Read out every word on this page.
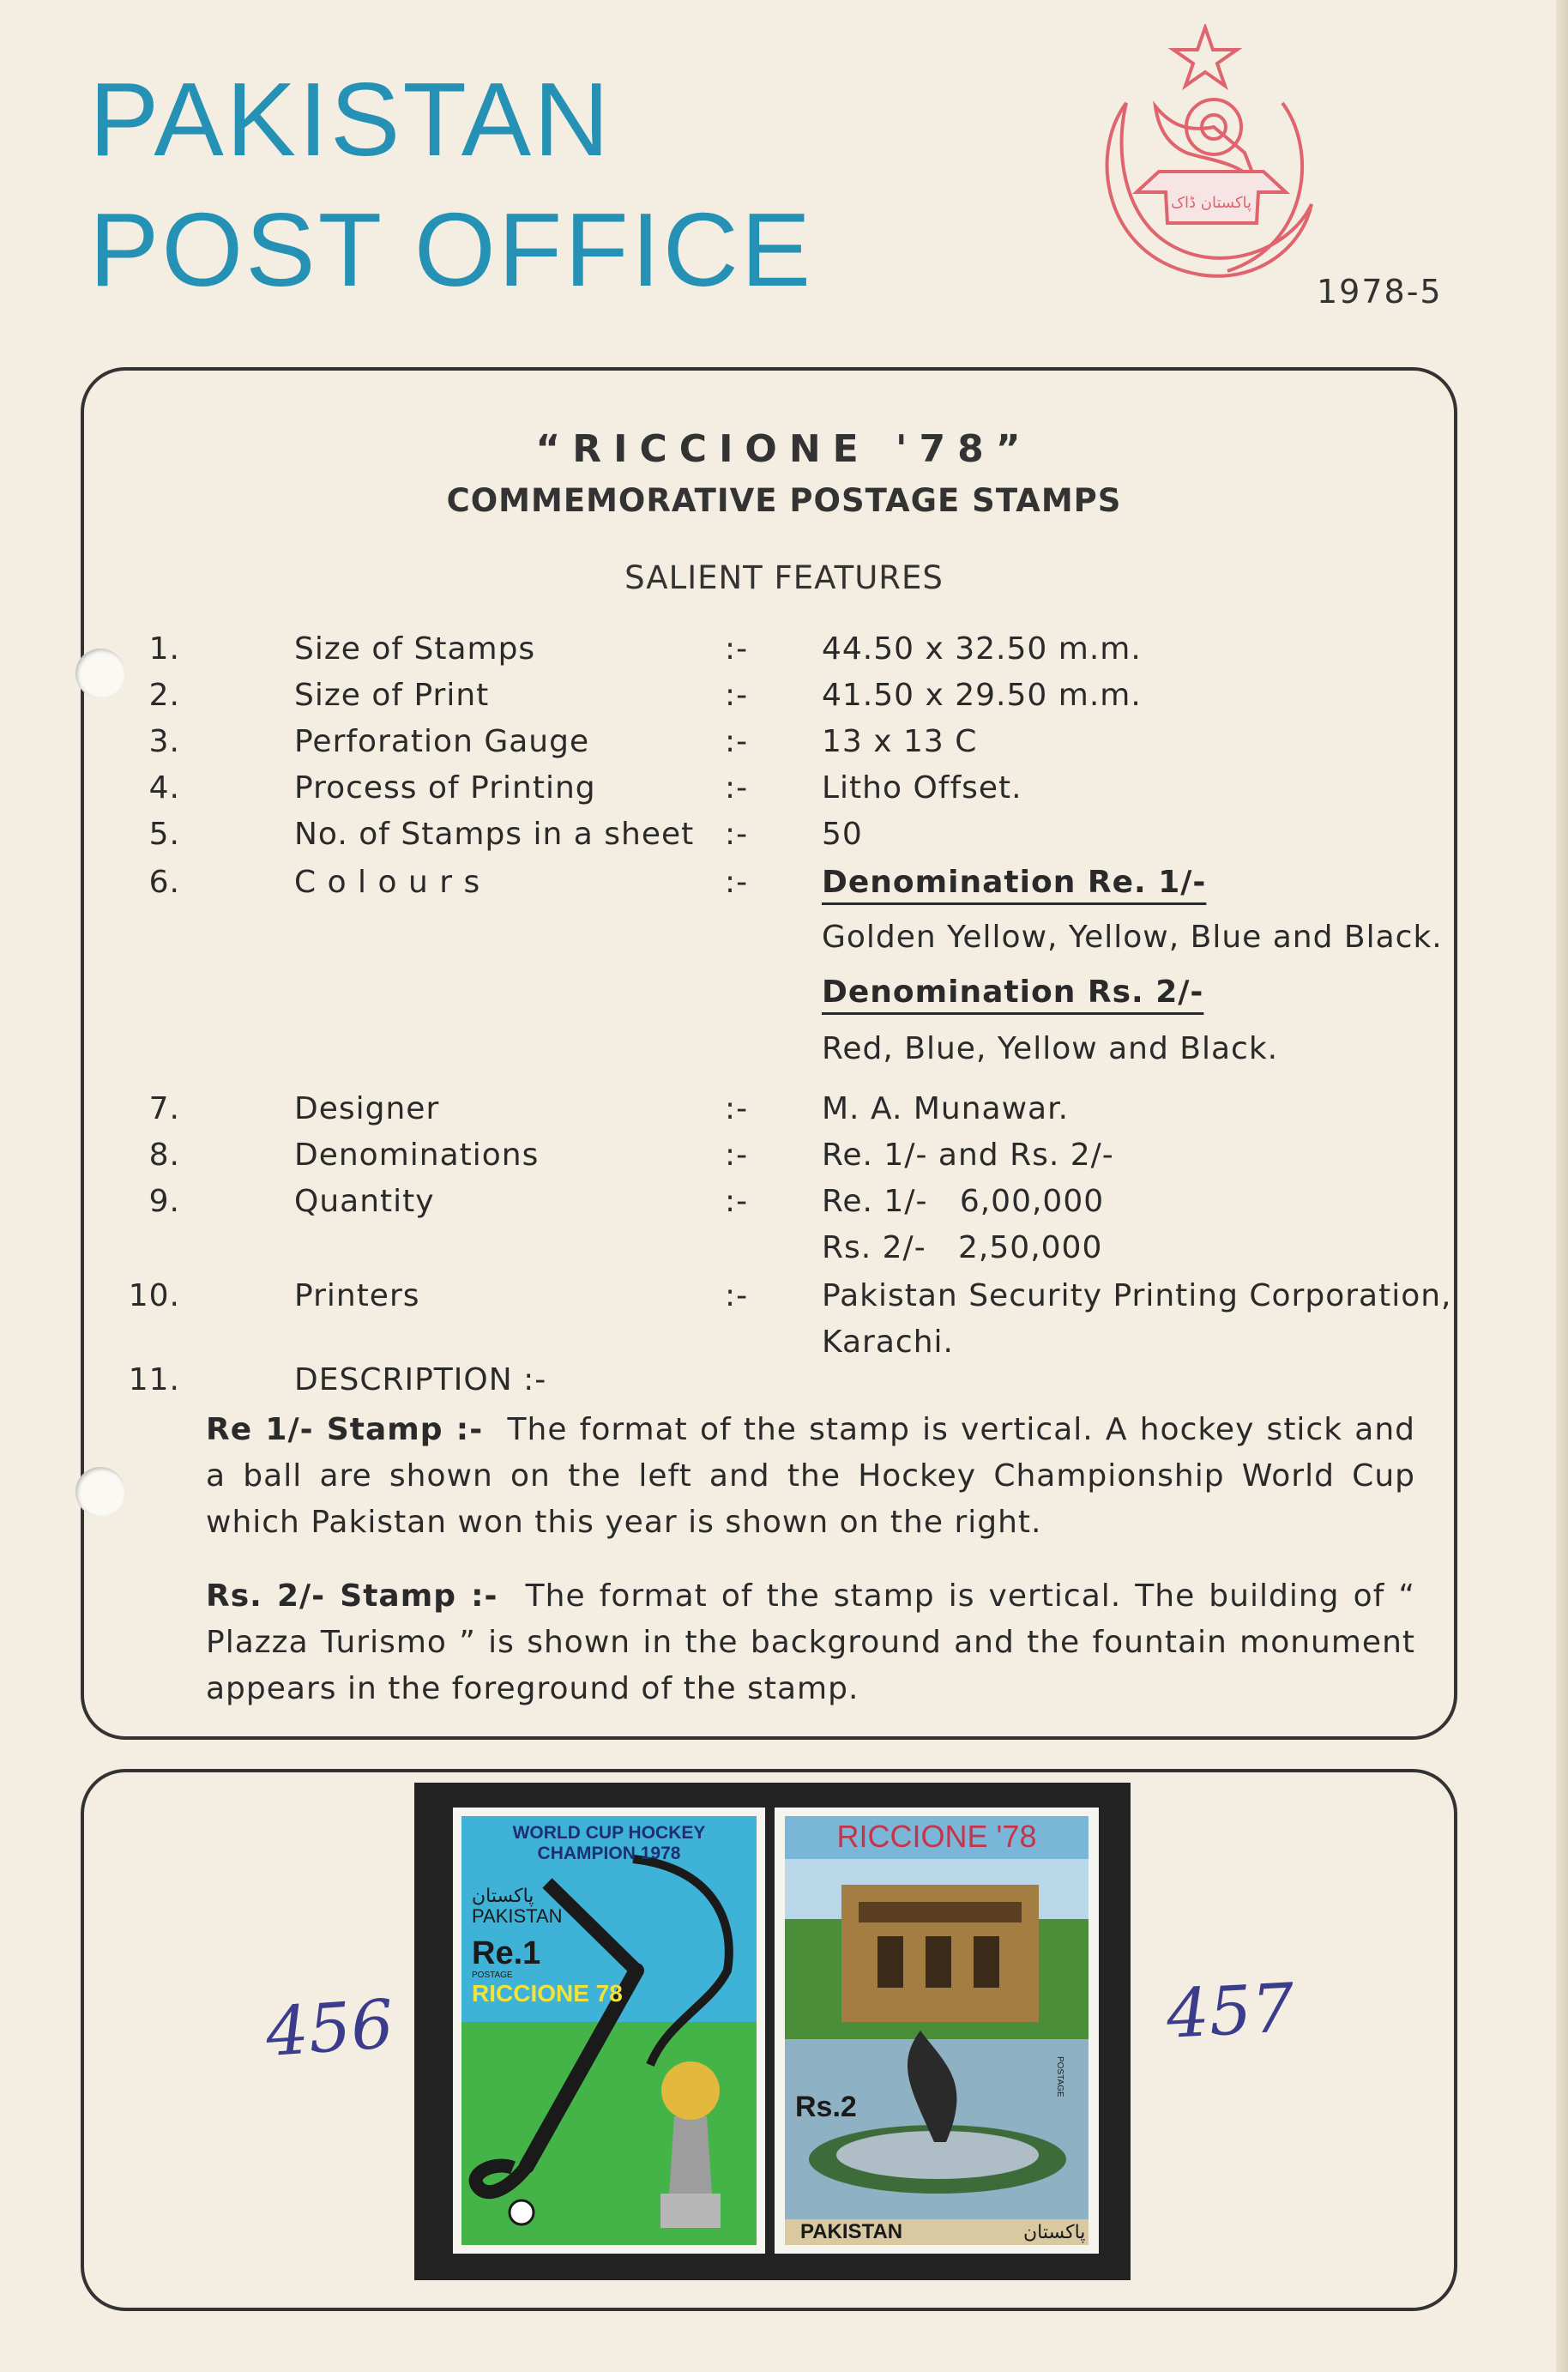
PAKISTAN
POST OFFICE	پاکستان ڈاک
1978-5
“RICCIONE '78”
COMMEMORATIVE POSTAGE STAMPS
SALIENT FEATURES
1.	Size of Stamps	:- 44.50 x 32.50 m.m.
2.	Size of Print	:- 41.50 x 29.50 m.m.
3.	Perforation Gauge	:- 13 x 13 C
4.	Process of Printing	:- Litho Offset.
5.	No. of Stamps in a sheet :- 50
6.	C o l o u r s	:- Denomination Re. 1/-
Golden Yellow, Yellow, Blue and Black.
Denomination Rs. 2/-
Red, Blue, Yellow and Black.
7.	Designer	:- M. A. Munawar.
8.	Denominations	:- Re. 1/- and Rs. 2/-
9.	Quantity	:- Re. 1/- 6,00,000
Rs. 2/- 2,50,000
10.	Printers	:- Pakistan Security Printing Corporation,
Karachi.
11.	DESCRIPTION :-

Re 1/- Stamp :- The format of the stamp is vertical. A hockey stick and a ball are shown on the left and the Hockey Championship World Cup which Pakistan won this year is shown on the right.

Rs. 2/- Stamp :- The format of the stamp is vertical. The building of “ Plazza Turismo ” is shown in the background and the fountain monument appears in the foreground of the stamp.

WORLD CUP HOCKEY
CHAMPION 1978
پاکستان
PAKISTAN
Re.1
POSTAGE
RICCIONE 78
RICCIONE '78
Rs.2
POSTAGE
PAKISTAN	پاکستان
456	457
